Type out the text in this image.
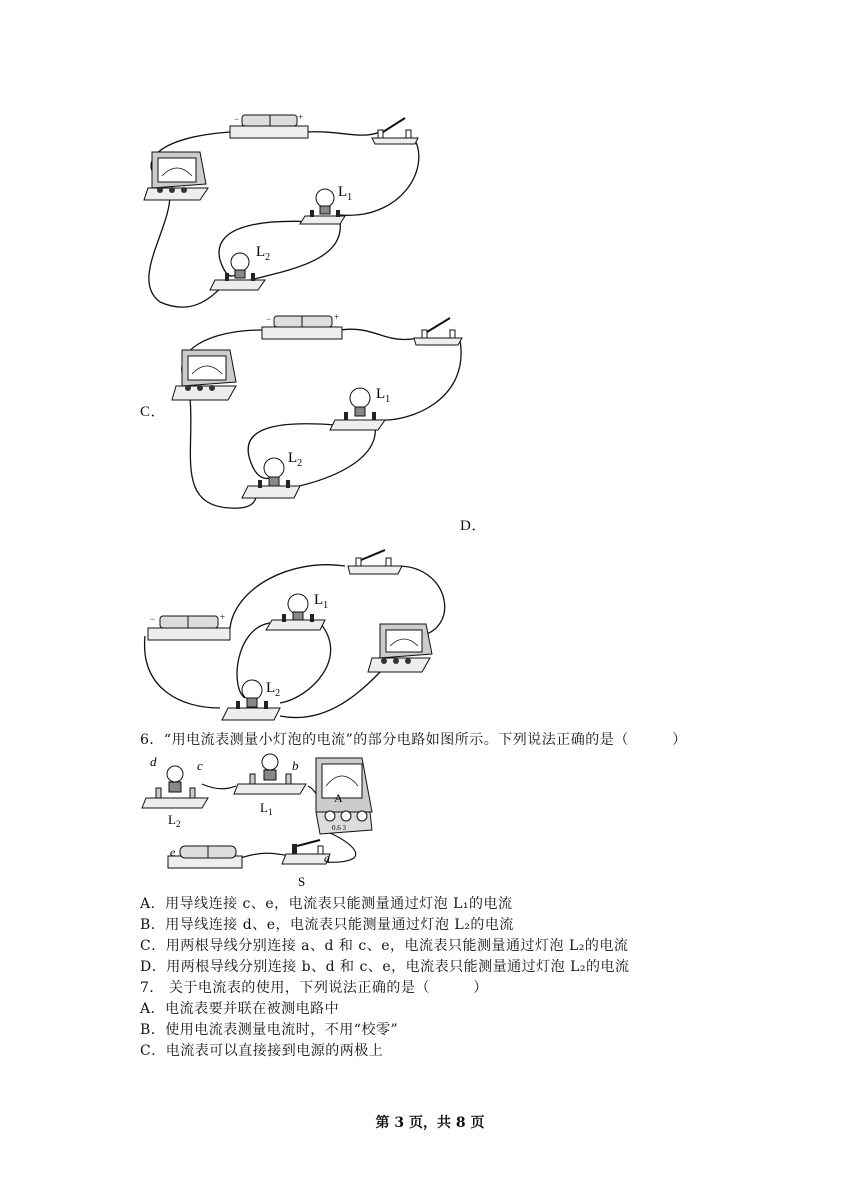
−	+
$L_1$
$L_2$
C．
−	+
$L_1$
$L_2$
D．
−	+
$L_1$
$L_2$
6．“用电流表测量小灯泡的电流”的部分电路如图所示。下列说法正确的是（　　　）
A
0.6 3
d	c	b
e	a
S
$L_2$
$L_1$
A．用导线连接 c、e，电流表只能测量通过灯泡 L₁的电流
B．用导线连接 d、e，电流表只能测量通过灯泡 L₂的电流
C．用两根导线分别连接 a、d 和 c、e，电流表只能测量通过灯泡 L₂的电流
D．用两根导线分别连接 b、d 和 c、e，电流表只能测量通过灯泡 L₂的电流
7． 关于电流表的使用，下列说法正确的是（　　　）
A．电流表要并联在被测电路中
B．使用电流表测量电流时，不用“校零”
C．电流表可以直接接到电源的两极上
第 3 页，共 8 页
